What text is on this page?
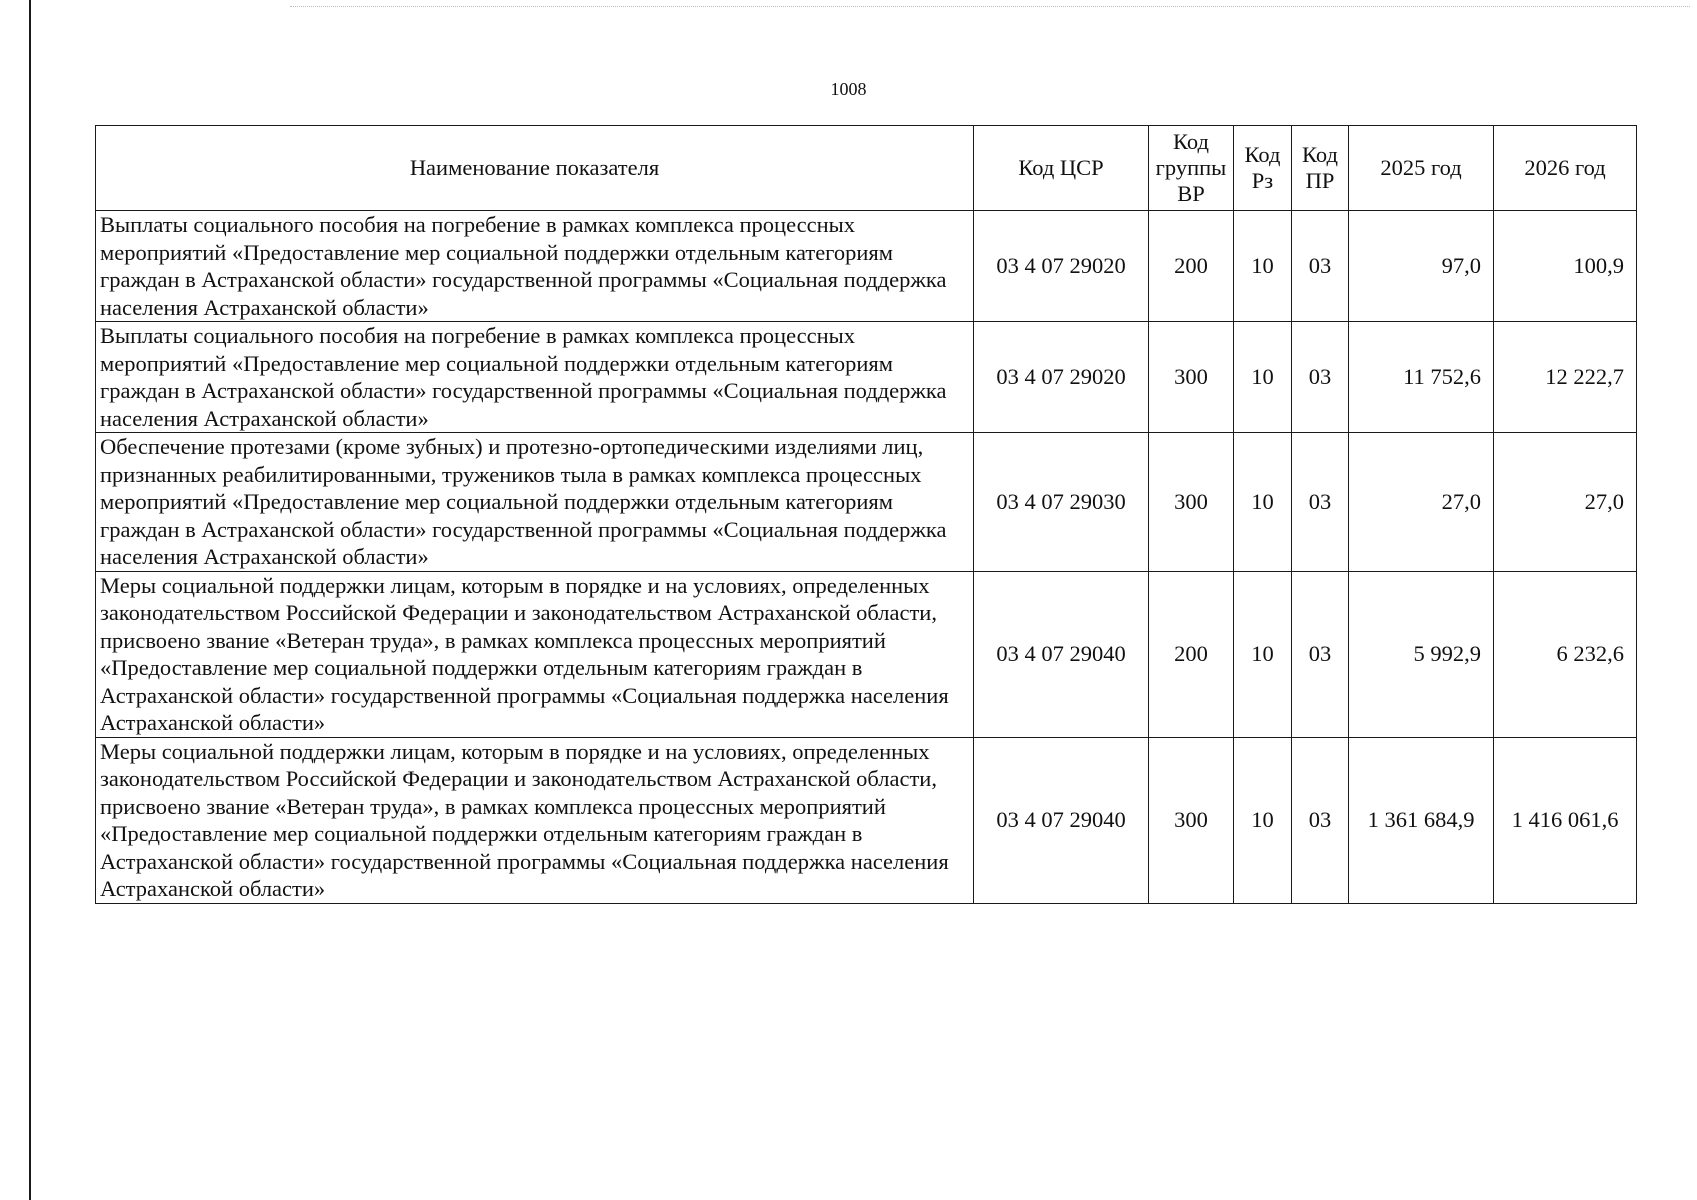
1008
Наименование показателя	Код ЦСР	Код группы ВР	Код Рз	Код ПР	2025 год	2026 год
Выплаты социального пособия на погребение в рамках комплекса процессных мероприятий «Предоставление мер социальной поддержки отдельным категориям граждан в Астраханской области» государственной программы «Социальная поддержка населения Астраханской области»	03 4 07 29020	200	10	03	97,0	100,9
Выплаты социального пособия на погребение в рамках комплекса процессных мероприятий «Предоставление мер социальной поддержки отдельным категориям граждан в Астраханской области» государственной программы «Социальная поддержка населения Астраханской области»	03 4 07 29020	300	10	03	11 752,6	12 222,7
Обеспечение протезами (кроме зубных) и протезно-ортопедическими изделиями лиц, признанных реабилитированными, тружеников тыла в рамках комплекса процессных мероприятий «Предоставление мер социальной поддержки отдельным категориям граждан в Астраханской области» государственной программы «Социальная поддержка населения Астраханской области»	03 4 07 29030	300	10	03	27,0	27,0
Меры социальной поддержки лицам, которым в порядке и на условиях, определенных законодательством Российской Федерации и законодательством Астраханской области, присвоено звание «Ветеран труда», в рамках комплекса процессных мероприятий «Предоставление мер социальной поддержки отдельным категориям граждан в Астраханской области» государственной программы «Социальная поддержка населения Астраханской области»	03 4 07 29040	200	10	03	5 992,9	6 232,6
Меры социальной поддержки лицам, которым в порядке и на условиях, определенных законодательством Российской Федерации и законодательством Астраханской области, присвоено звание «Ветеран труда», в рамках комплекса процессных мероприятий «Предоставление мер социальной поддержки отдельным категориям граждан в Астраханской области» государственной программы «Социальная поддержка населения Астраханской области»	03 4 07 29040	300	10	03	1 361 684,9	1 416 061,6
